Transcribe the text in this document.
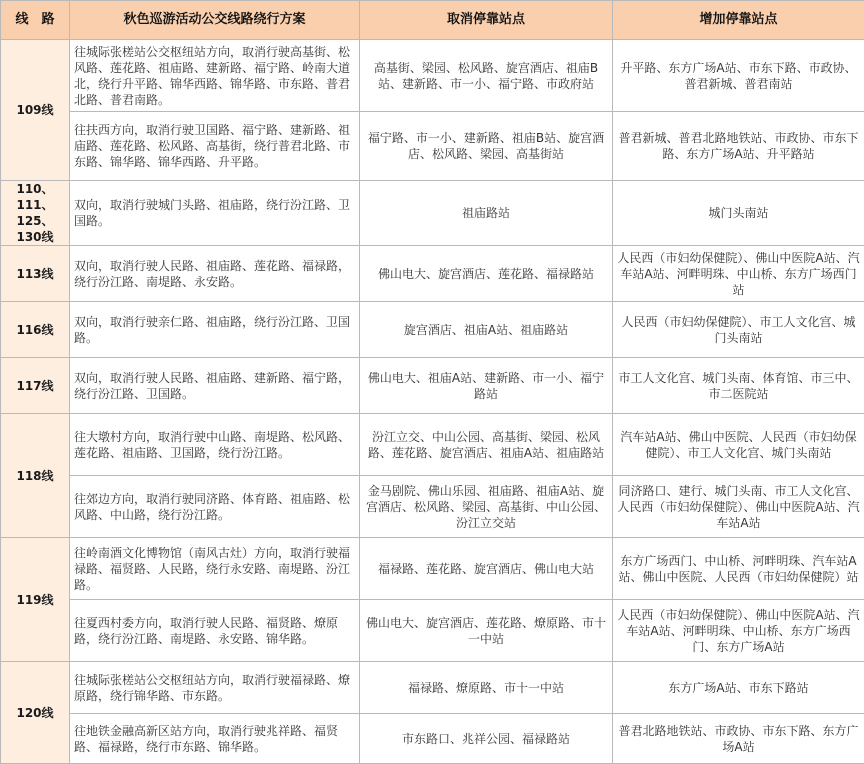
线　路	秋色巡游活动公交线路绕行方案	取消停靠站点	增加停靠站点
109线	往城际张槎站公交枢纽站方向，取消行驶高基街、松风路、莲花路、祖庙路、建新路、福宁路、岭南大道北，绕行升平路、锦华西路、锦华路、市东路、普君北路、普君南路。	高基街、梁园、松风路、旋宫酒店、祖庙B站、建新路、市一小、福宁路、市政府站	升平路、东方广场A站、市东下路、市政协、普君新城、普君南站
	往扶西方向，取消行驶卫国路、福宁路、建新路、祖庙路、莲花路、松风路、高基街，绕行普君北路、市东路、锦华路、锦华西路、升平路。	福宁路、市一小、建新路、祖庙B站、旋宫酒店、松风路、梁园、高基街站	普君新城、普君北路地铁站、市政协、市东下路、东方广场A站、升平路站
110、111、125、130线	双向，取消行驶城门头路、祖庙路，绕行汾江路、卫国路。	祖庙路站	城门头南站
113线	双向，取消行驶人民路、祖庙路、莲花路、福禄路，绕行汾江路、南堤路、永安路。	佛山电大、旋宫酒店、莲花路、福禄路站	人民西（市妇幼保健院）、佛山中医院A站、汽车站A站、河畔明珠、中山桥、东方广场西门站
116线	双向，取消行驶亲仁路、祖庙路，绕行汾江路、卫国路。	旋宫酒店、祖庙A站、祖庙路站	人民西（市妇幼保健院）、市工人文化宫、城门头南站
117线	双向，取消行驶人民路、祖庙路、建新路、福宁路，绕行汾江路、卫国路。	佛山电大、祖庙A站、建新路、市一小、福宁路站	市工人文化宫、城门头南、体育馆、市三中、市二医院站
118线	往大墩村方向，取消行驶中山路、南堤路、松风路、莲花路、祖庙路、卫国路，绕行汾江路。	汾江立交、中山公园、高基街、梁园、松风路、莲花路、旋宫酒店、祖庙A站、祖庙路站	汽车站A站、佛山中医院、人民西（市妇幼保健院）、市工人文化宫、城门头南站
	往郊边方向，取消行驶同济路、体育路、祖庙路、松风路、中山路，绕行汾江路。	金马剧院、佛山乐园、祖庙路、祖庙A站、旋宫酒店、松风路、梁园、高基街、中山公园、汾江立交站	同济路口、建行、城门头南、市工人文化宫、人民西（市妇幼保健院）、佛山中医院A站、汽车站A站
119线	往岭南酒文化博物馆（南风古灶）方向，取消行驶福禄路、福贤路、人民路，绕行永安路、南堤路、汾江路。	福禄路、莲花路、旋宫酒店、佛山电大站	东方广场西门、中山桥、河畔明珠、汽车站A站、佛山中医院、人民西（市妇幼保健院）站
	往夏西村委方向，取消行驶人民路、福贤路、燎原路，绕行汾江路、南堤路、永安路、锦华路。	佛山电大、旋宫酒店、莲花路、燎原路、市十一中站	人民西（市妇幼保健院）、佛山中医院A站、汽车站A站、河畔明珠、中山桥、东方广场西门、东方广场A站
120线	往城际张槎站公交枢纽站方向，取消行驶福禄路、燎原路，绕行锦华路、市东路。	福禄路、燎原路、市十一中站	东方广场A站、市东下路站
	往地铁金融高新区站方向，取消行驶兆祥路、福贤路、福禄路，绕行市东路、锦华路。	市东路口、兆祥公园、福禄路站	普君北路地铁站、市政协、市东下路、东方广场A站
